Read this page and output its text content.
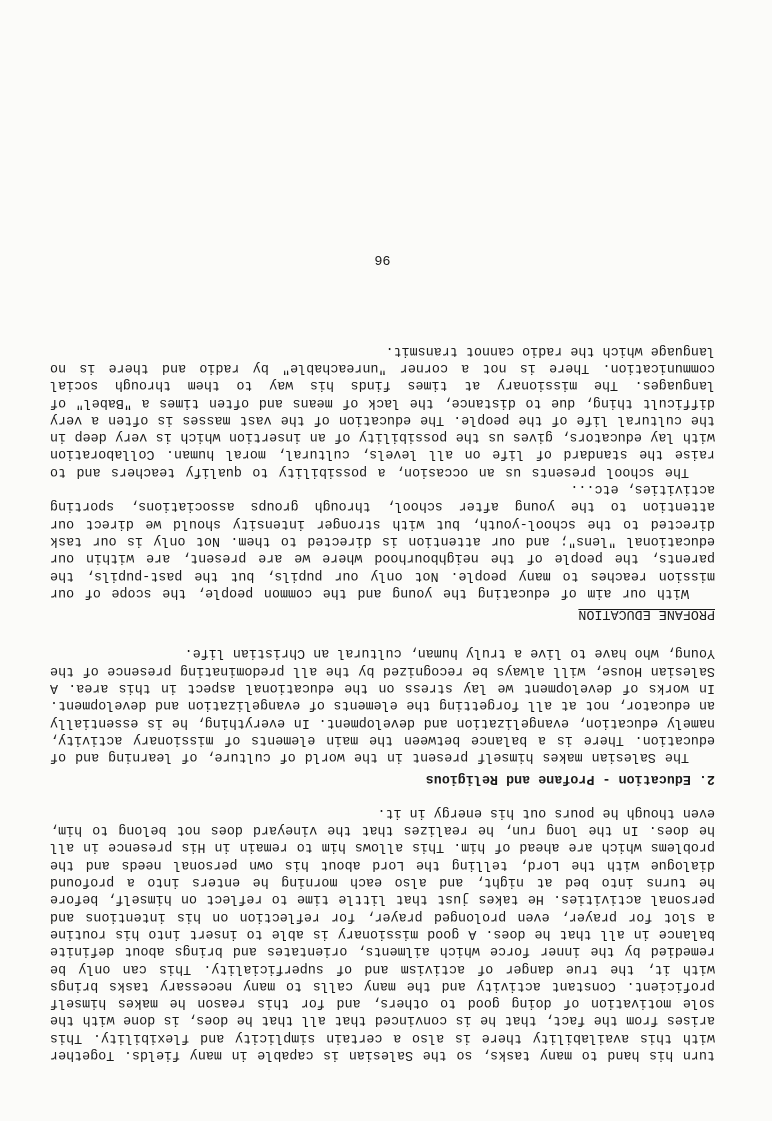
turn his hand to many tasks, so the Salesian is capable in many fields. Together with this availability there is also a certain simplicity and flexibility. This arises from the fact, that he is convinced that all that he does, is done with the sole motivation of doing good to others, and for this reason he makes himself proficient. Constant activity and the many calls to many necessary tasks brings with it, the true danger of activism and of superficiality. This can only be remedied by the inner force which ailments, orientates and brings about definite balance in all that he does. A good missionary is able to insert into his routine a slot for prayer, even prolonged prayer, for reflection on his intentions and personal activities. He takes just that little time to reflect on himself, before he turns into bed at night, and also each morning he enters into a profound dialogue with the Lord, telling the Lord about his own personal needs and the problems which are ahead of him. This allows him to remain in His presence in all he does. In the long run, he realizes that the vineyard does not belong to him, even though he pours out his energy in it.

2. Education - Profane and Religious

The Salesian makes himself present in the world of culture, of learning and of education. There is a balance between the main elements of missionary activity, namely education, evangelization and development. In everything, he is essentially an educator, not at all forgetting the elements of evangelization and development. In works of development we lay stress on the educational aspect in this area. A Salesian House, will always be recognized by the all predominating presence of the Young, who have to live a truly human, cultural an Christian life.

PROFANE EDUCATION

With our aim of educating the young and the common people, the scope of our mission reaches to many people. Not only our pupils, but the past-pupils, the parents, the people of the neighbourhood where we are present, are within our educational "lens"; and our attention is directed to them. Not only is our task directed to the school-youth, but with stronger intensity should we direct our attention to the young after school, through groups associations, sporting activities, etc...

The school presents us an occasion, a possibility to qualify teachers and to raise the standard of life on all levels, cultural, moral human. Collaboration with lay educators, gives us the possibility of an insertion which is very deep in the cultural life of the people. The education of the vast masses is often a very difficult thing, due to distance, the lack of means and often times a "Babel" of languages. The missionary at times finds his way to them through social communication. There is not a corner "unreachable" by radio and there is no language which the radio cannot transmit.

96
